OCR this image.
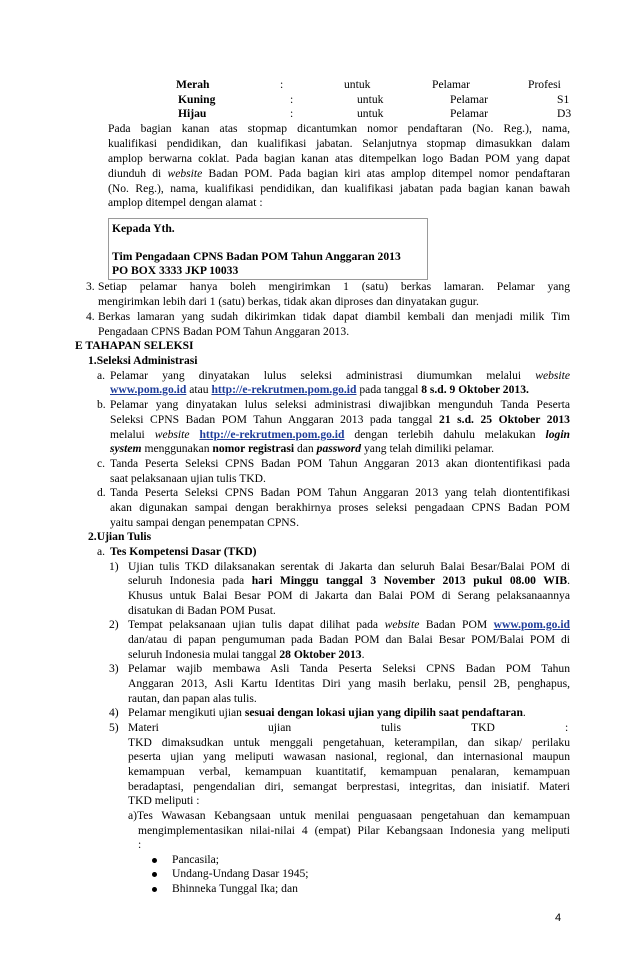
Merah	:	untuk	Pelamar	Profesi
Kuning	:	untuk	Pelamar	S1
Hijau	:	untuk	Pelamar	D3
Pada bagian kanan atas stopmap dicantumkan nomor pendaftaran (No. Reg.), nama,
kualifikasi pendidikan, dan kualifikasi jabatan. Selanjutnya stopmap dimasukkan dalam
amplop berwarna coklat. Pada bagian kanan atas ditempelkan logo Badan POM yang dapat
diunduh di website Badan POM. Pada bagian kiri atas amplop ditempel nomor pendaftaran
(No. Reg.), nama, kualifikasi pendidikan, dan kualifikasi jabatan pada bagian kanan bawah
amplop ditempel dengan alamat :
Kepada Yth.
Tim Pengadaan CPNS Badan POM Tahun Anggaran 2013
PO BOX 3333 JKP 10033
3. Setiap pelamar hanya boleh mengirimkan 1 (satu) berkas lamaran. Pelamar yang
mengirimkan lebih dari 1 (satu) berkas, tidak akan diproses dan dinyatakan gugur.
4. Berkas lamaran yang sudah dikirimkan tidak dapat diambil kembali dan menjadi milik Tim
Pengadaan CPNS Badan POM Tahun Anggaran 2013.
E TAHAPAN SELEKSI
1.Seleksi Administrasi
a. Pelamar yang dinyatakan lulus seleksi administrasi diumumkan melalui website
www.pom.go.id atau http://e-rekrutmen.pom.go.id pada tanggal 8 s.d. 9 Oktober 2013.
b. Pelamar yang dinyatakan lulus seleksi administrasi diwajibkan mengunduh Tanda Peserta
Seleksi CPNS Badan POM Tahun Anggaran 2013 pada tanggal 21 s.d. 25 Oktober 2013
melalui website http://e-rekrutmen.pom.go.id dengan terlebih dahulu melakukan login
system menggunakan nomor registrasi dan password yang telah dimiliki pelamar.
c. Tanda Peserta Seleksi CPNS Badan POM Tahun Anggaran 2013 akan diontentifikasi pada
saat pelaksanaan ujian tulis TKD.
d. Tanda Peserta Seleksi CPNS Badan POM Tahun Anggaran 2013 yang telah diontentifikasi
akan digunakan sampai dengan berakhirnya proses seleksi pengadaan CPNS Badan POM
yaitu sampai dengan penempatan CPNS.
2.Ujian Tulis
a. Tes Kompetensi Dasar (TKD)
1) Ujian tulis TKD dilaksanakan serentak di Jakarta dan seluruh Balai Besar/Balai POM di
seluruh Indonesia pada hari Minggu tanggal 3 November 2013 pukul 08.00 WIB.
Khusus untuk Balai Besar POM di Jakarta dan Balai POM di Serang pelaksanaannya
disatukan di Badan POM Pusat.
2) Tempat pelaksanaan ujian tulis dapat dilihat pada website Badan POM www.pom.go.id
dan/atau di papan pengumuman pada Badan POM dan Balai Besar POM/Balai POM di
seluruh Indonesia mulai tanggal 28 Oktober 2013.
3) Pelamar wajib membawa Asli Tanda Peserta Seleksi CPNS Badan POM Tahun
Anggaran 2013, Asli Kartu Identitas Diri yang masih berlaku, pensil 2B, penghapus,
rautan, dan papan alas tulis.
4) Pelamar mengikuti ujian sesuai dengan lokasi ujian yang dipilih saat pendaftaran.
5) Materi	ujian	tulis	TKD	:
TKD dimaksudkan untuk menggali pengetahuan, keterampilan, dan sikap/ perilaku
peserta ujian yang meliputi wawasan nasional, regional, dan internasional maupun
kemampuan verbal, kemampuan kuantitatif, kemampuan penalaran, kemampuan
beradaptasi, pengendalian diri, semangat berprestasi, integritas, dan inisiatif. Materi
TKD meliputi :
a)Tes Wawasan Kebangsaan untuk menilai penguasaan pengetahuan dan kemampuan
mengimplementasikan nilai-nilai 4 (empat) Pilar Kebangsaan Indonesia yang meliputi
:
Pancasila;
Undang-Undang Dasar 1945;
Bhinneka Tunggal Ika; dan
4
